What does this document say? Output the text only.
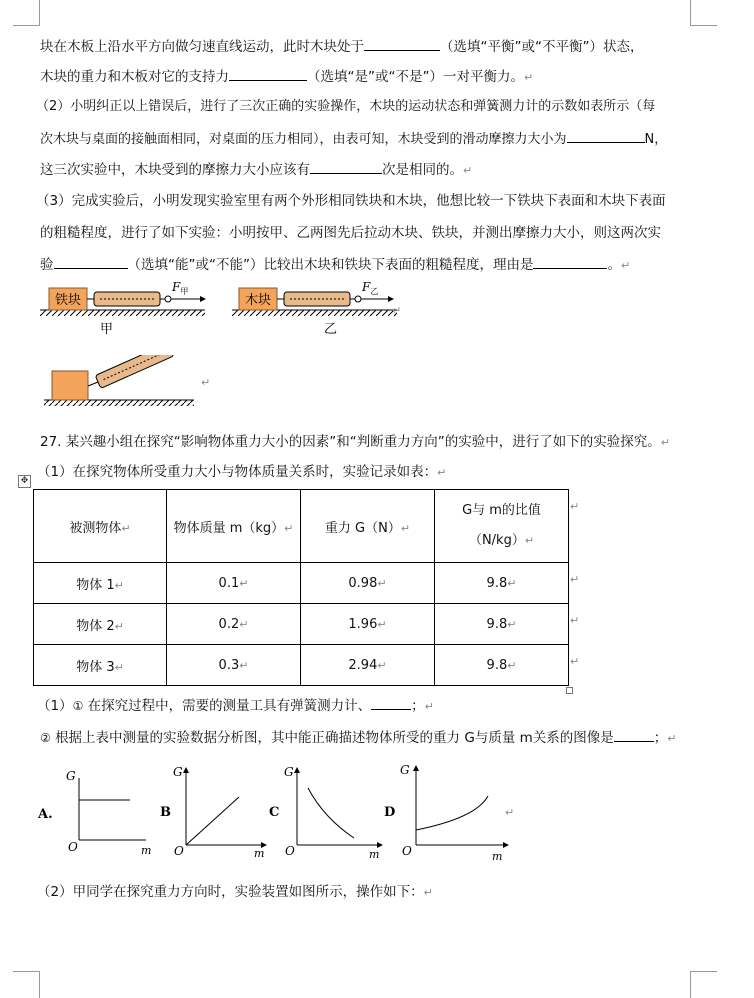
块在木板上沿水平方向做匀速直线运动，此时木块处于	（选填“平衡”或“不平衡”）状态，
木块的重力和木板对它的支持力	（选填“是”或“不是”）一对平衡力。↵
（2）小明纠正以上错误后，进行了三次正确的实验操作，木块的运动状态和弹簧测力计的示数如表所示（每
次木块与桌面的接触面相同，对桌面的压力相同），由表可知，木块受到的滑动摩擦力大小为	N，
这三次实验中，木块受到的摩擦力大小应该有	次是相同的。↵
（3）完成实验后，小明发现实验室里有两个外形相同铁块和木块，他想比较一下铁块下表面和木块下表面
的粗糙程度，进行了如下实验：小明按甲、乙两图先后拉动木块、铁块，并测出摩擦力大小，则这两次实
验	（选填“能”或“不能”）比较出木块和铁块下表面的粗糙程度，理由是	。↵
铁块
$F_甲$
甲
木块
$F_乙$
乙
↵
↵
27. 某兴趣小组在探究“影响物体重力大小的因素”和“判断重力方向”的实验中，进行了如下的实验探究。↵
（1）在探究物体所受重力大小与物体质量关系时，实验记录如表：↵
✥
被测物体↵	物体质量 m（kg）↵	重力 G（N）↵	G与 m的比值
（N/kg）↵
物体 1↵	0.1↵	0.98↵	9.8↵
物体 2↵	0.2↵	1.96↵	9.8↵
物体 3↵	0.3↵	2.94↵	9.8↵
↵
↵
↵
↵
（1）① 在探究过程中，需要的测量工具有弹簧测力计、	；↵
② 根据上表中测量的实验数据分析图，其中能正确描述物体所受的重力 G与质量 m关系的图像是	；↵
A.
G
O	m
B
G
O	m
C
G
O	m
D
G
O	m
↵
（2）甲同学在探究重力方向时，实验装置如图所示，操作如下：↵
